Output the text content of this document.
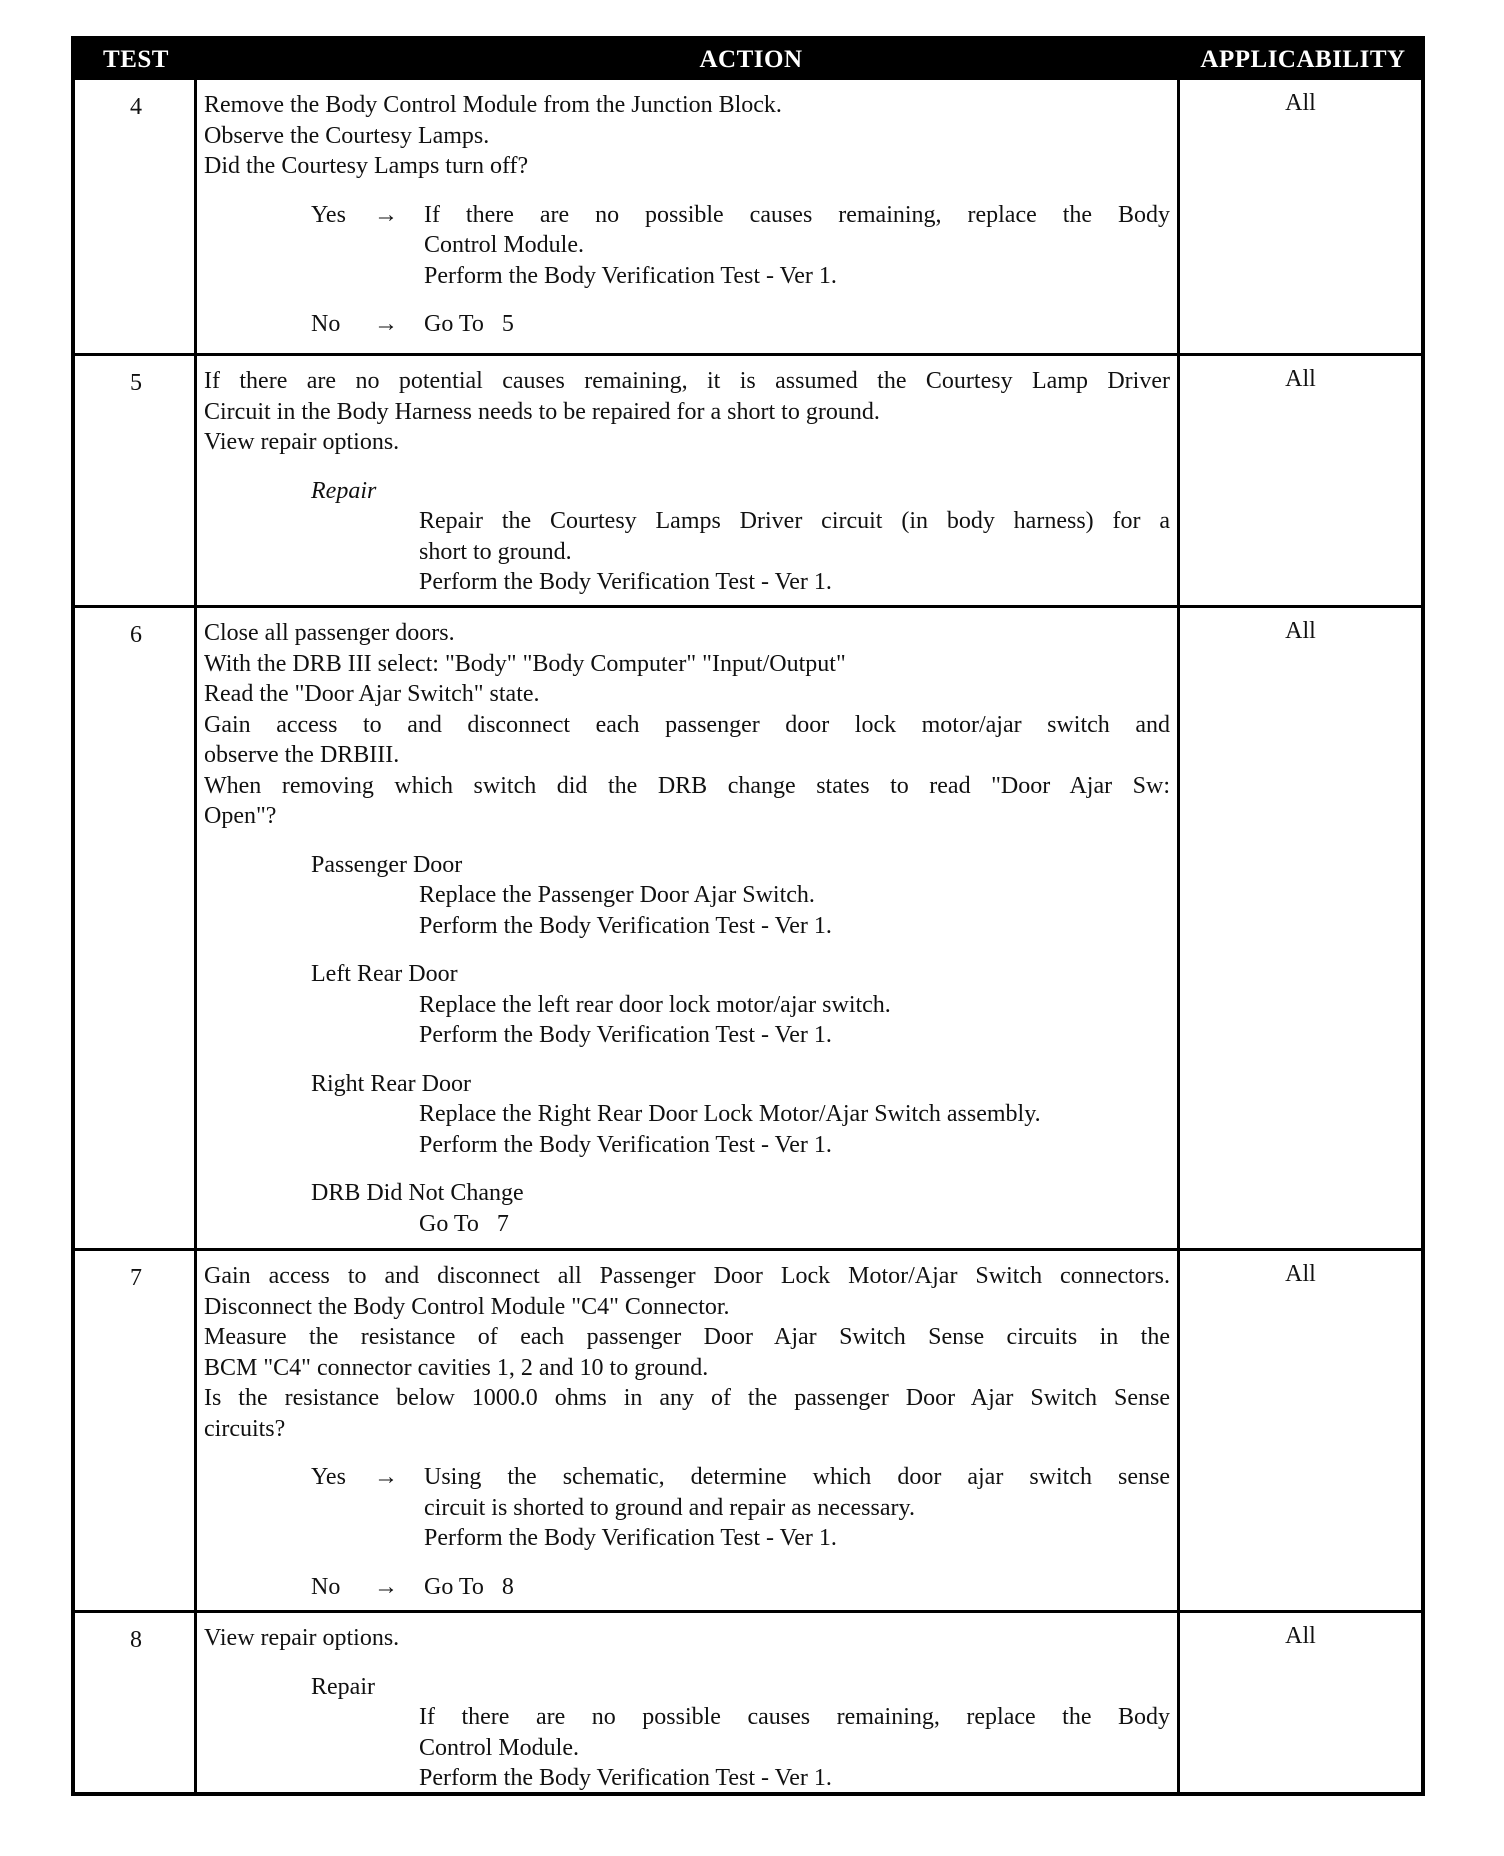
TEST	ACTION	APPLICABILITY
4	Remove the Body Control Module from the Junction Block.
Observe the Courtesy Lamps.
Did the Courtesy Lamps turn off?
Yes → If there are no possible causes remaining, replace the Body
Control Module.
Perform the Body Verification Test - Ver 1.
No → Go To   5
All
5	If there are no potential causes remaining, it is assumed the Courtesy Lamp Driver
Circuit in the Body Harness needs to be repaired for a short to ground.
View repair options.
Repair
Repair the Courtesy Lamps Driver circuit (in body harness) for a
short to ground.
Perform the Body Verification Test - Ver 1.
All
6	Close all passenger doors.
With the DRB III select: "Body" "Body Computer" "Input/Output"
Read the "Door Ajar Switch" state.
Gain access to and disconnect each passenger door lock motor/ajar switch and
observe the DRBIII.
When removing which switch did the DRB change states to read "Door Ajar Sw:
Open"?
Passenger Door
Replace the Passenger Door Ajar Switch.
Perform the Body Verification Test - Ver 1.
Left Rear Door
Replace the left rear door lock motor/ajar switch.
Perform the Body Verification Test - Ver 1.
Right Rear Door
Replace the Right Rear Door Lock Motor/Ajar Switch assembly.
Perform the Body Verification Test - Ver 1.
DRB Did Not Change
Go To   7
All
7	Gain access to and disconnect all Passenger Door Lock Motor/Ajar Switch connectors.
Disconnect the Body Control Module "C4" Connector.
Measure the resistance of each passenger Door Ajar Switch Sense circuits in the
BCM "C4" connector cavities 1, 2 and 10 to ground.
Is the resistance below 1000.0 ohms in any of the passenger Door Ajar Switch Sense
circuits?
Yes → Using the schematic, determine which door ajar switch sense
circuit is shorted to ground and repair as necessary.
Perform the Body Verification Test - Ver 1.
No → Go To   8
All
8	View repair options.
Repair
If there are no possible causes remaining, replace the Body
Control Module.
Perform the Body Verification Test - Ver 1.
All
